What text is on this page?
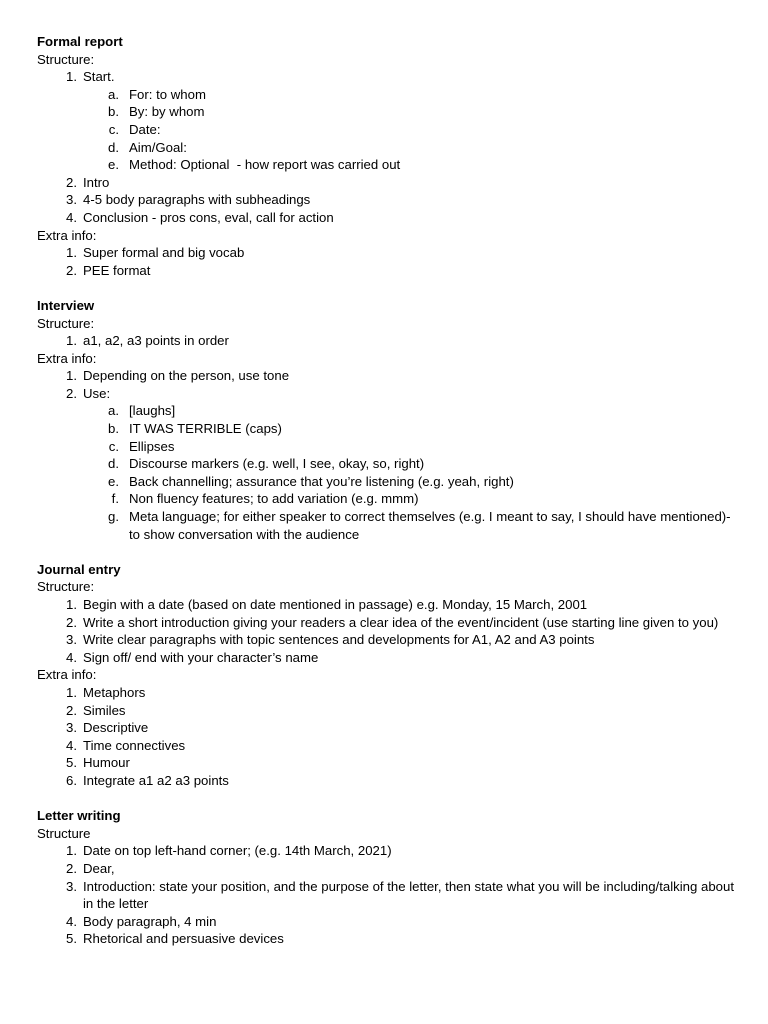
Formal report
Structure:
1. Start.
a. For: to whom
b. By: by whom
c. Date:
d. Aim/Goal:
e. Method: Optional  - how report was carried out
2. Intro
3. 4-5 body paragraphs with subheadings
4. Conclusion - pros cons, eval, call for action
Extra info:
1. Super formal and big vocab
2. PEE format
Interview
Structure:
1. a1, a2, a3 points in order
Extra info:
1. Depending on the person, use tone
2. Use:
a. [laughs]
b. IT WAS TERRIBLE (caps)
c. Ellipses
d. Discourse markers (e.g. well, I see, okay, so, right)
e. Back channelling; assurance that you’re listening (e.g. yeah, right)
f. Non fluency features; to add variation (e.g. mmm)
g. Meta language; for either speaker to correct themselves (e.g. I meant to say, I should have mentioned)- to show conversation with the audience
Journal entry
Structure:
1. Begin with a date (based on date mentioned in passage) e.g. Monday, 15 March, 2001
2. Write a short introduction giving your readers a clear idea of the event/incident (use starting line given to you)
3. Write clear paragraphs with topic sentences and developments for A1, A2 and A3 points
4. Sign off/ end with your character’s name
Extra info:
1. Metaphors
2. Similes
3. Descriptive
4. Time connectives
5. Humour
6. Integrate a1 a2 a3 points
Letter writing
Structure
1. Date on top left-hand corner; (e.g. 14th March, 2021)
2. Dear,
3. Introduction: state your position, and the purpose of the letter, then state what you will be including/talking about in the letter
4. Body paragraph, 4 min
5. Rhetorical and persuasive devices
